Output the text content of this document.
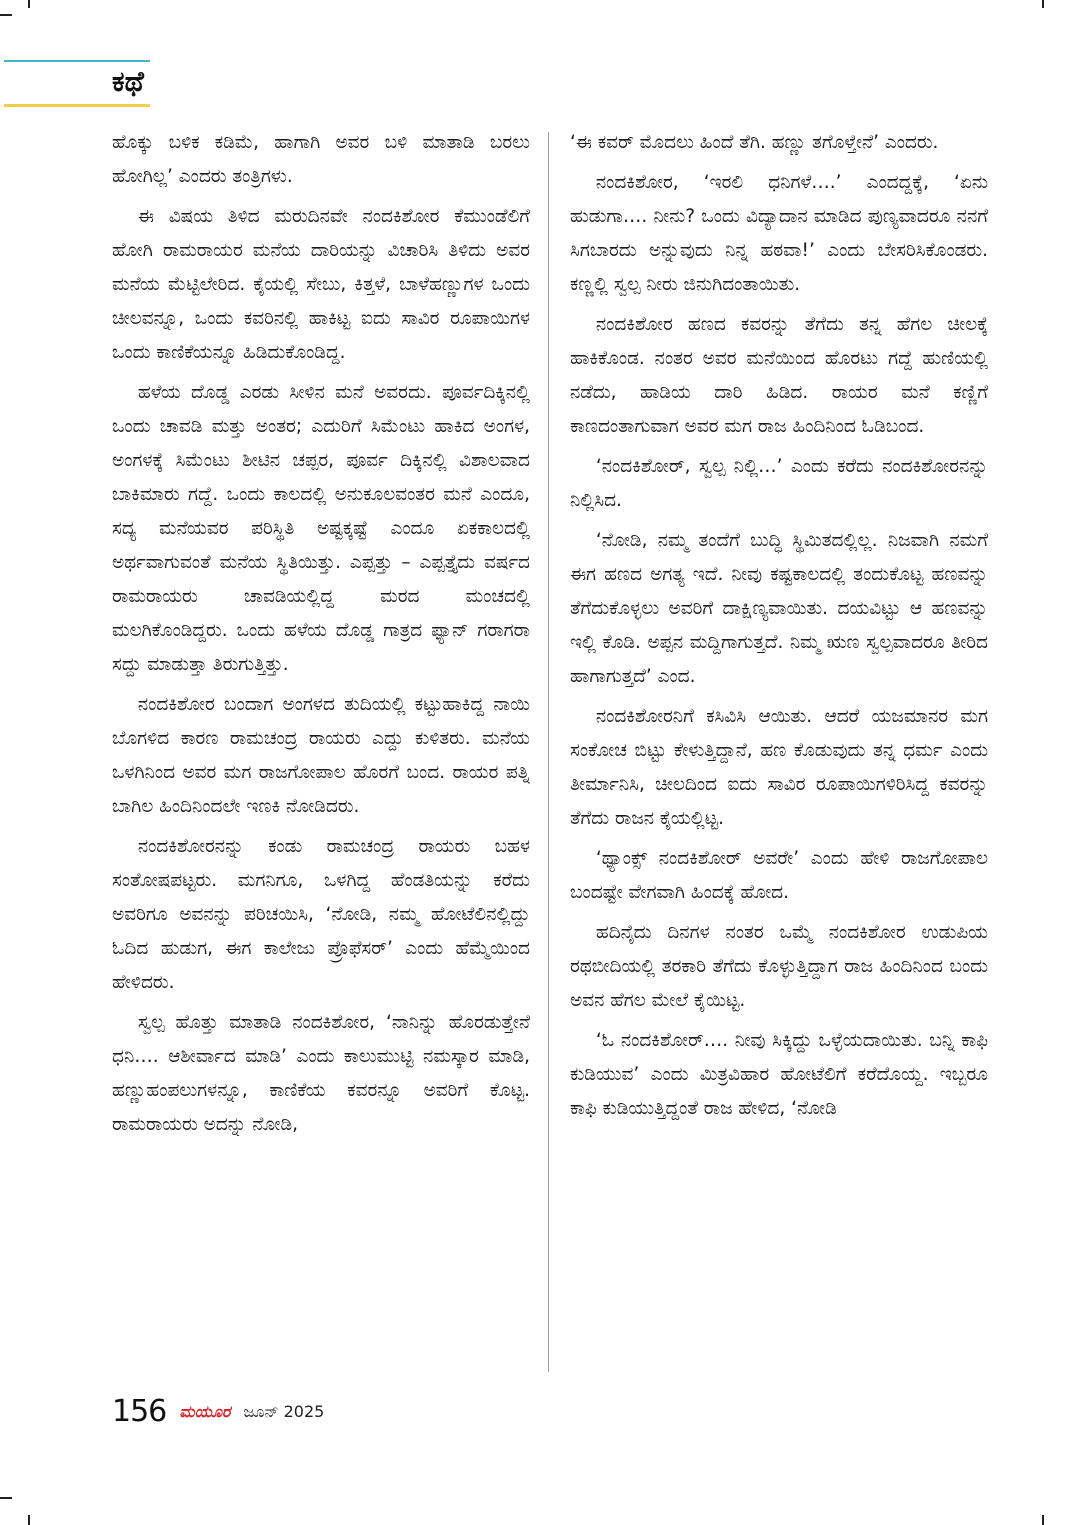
ಕಥೆ

ಹೊಕ್ಕು ಬಳಿಕ ಕಡಿಮೆ, ಹಾಗಾಗಿ ಅವರ ಬಳಿ ಮಾತಾಡಿ ಬರಲು ಹೋಗಿಲ್ಲ’ ಎಂದರು ತಂತ್ರಿಗಳು.

ಈ ವಿಷಯ ತಿಳಿದ ಮರುದಿನವೇ ನಂದಕಿಶೋರ ಕೆಮುಂಡೆಲಿಗೆ ಹೋಗಿ ರಾಮರಾಯರ ಮನೆಯ ದಾರಿಯನ್ನು ವಿಚಾರಿಸಿ ತಿಳಿದು ಅವರ ಮನೆಯ ಮೆಟ್ಟಿಲೇರಿದ. ಕೈಯಲ್ಲಿ ಸೇಬು, ಕಿತ್ತಳೆ, ಬಾಳೆಹಣ್ಣುಗಳ ಒಂದು ಚೀಲವನ್ನೂ, ಒಂದು ಕವರಿನಲ್ಲಿ ಹಾಕಿಟ್ಟ ಐದು ಸಾವಿರ ರೂಪಾಯಿಗಳ ಒಂದು ಕಾಣಿಕೆಯನ್ನೂ ಹಿಡಿದುಕೊಂಡಿದ್ದ.

ಹಳೆಯ ದೊಡ್ಡ ಎರಡು ಸೀಳಿನ ಮನೆ ಅವರದು. ಪೂರ್ವದಿಕ್ಕಿನಲ್ಲಿ ಒಂದು ಚಾವಡಿ ಮತ್ತು ಅಂತರ; ಎದುರಿಗೆ ಸಿಮೆಂಟು ಹಾಕಿದ ಅಂಗಳ, ಅಂಗಳಕ್ಕೆ ಸಿಮೆಂಟು ಶೀಟಿನ ಚಪ್ಪರ, ಪೂರ್ವ ದಿಕ್ಕಿನಲ್ಲಿ ವಿಶಾಲವಾದ ಬಾಕಿಮಾರು ಗದ್ದೆ. ಒಂದು ಕಾಲದಲ್ಲಿ ಅನುಕೂಲವಂತರ ಮನೆ ಎಂದೂ, ಸದ್ಯ ಮನೆಯವರ ಪರಿಸ್ಥಿತಿ ಅಷ್ಟಕ್ಕಷ್ಟೆ ಎಂದೂ ಏಕಕಾಲದಲ್ಲಿ ಅರ್ಥವಾಗುವಂತೆ ಮನೆಯ ಸ್ಥಿತಿಯಿತ್ತು. ಎಪ್ಪತ್ತು – ಎಪ್ಪತ್ತೈದು ವರ್ಷದ ರಾಮರಾಯರು ಚಾವಡಿಯಲ್ಲಿದ್ದ ಮರದ ಮಂಚದಲ್ಲಿ ಮಲಗಿಕೊಂಡಿದ್ದರು. ಒಂದು ಹಳೆಯ ದೊಡ್ಡ ಗಾತ್ರದ ಫ್ಯಾನ್ ಗರಾಗರಾ ಸದ್ದು ಮಾಡುತ್ತಾ ತಿರುಗುತ್ತಿತ್ತು.

ನಂದಕಿಶೋರ ಬಂದಾಗ ಅಂಗಳದ ತುದಿಯಲ್ಲಿ ಕಟ್ಟುಹಾಕಿದ್ದ ನಾಯಿ ಬೊಗಳಿದ ಕಾರಣ ರಾಮಚಂದ್ರ ರಾಯರು ಎದ್ದು ಕುಳಿತರು. ಮನೆಯ ಒಳಗಿನಿಂದ ಅವರ ಮಗ ರಾಜಗೋಪಾಲ ಹೊರಗೆ ಬಂದ. ರಾಯರ ಪತ್ನಿ ಬಾಗಿಲ ಹಿಂದಿನಿಂದಲೇ ಇಣಕಿ ನೋಡಿದರು.

ನಂದಕಿಶೋರನನ್ನು ಕಂಡು ರಾಮಚಂದ್ರ ರಾಯರು ಬಹಳ ಸಂತೋಷಪಟ್ಟರು. ಮಗನಿಗೂ, ಒಳಗಿದ್ದ ಹೆಂಡತಿಯನ್ನು ಕರೆದು ಅವರಿಗೂ ಅವನನ್ನು ಪರಿಚಯಿಸಿ, ‘ನೋಡಿ, ನಮ್ಮ ಹೋಟೆಲಿನಲ್ಲಿದ್ದು ಓದಿದ ಹುಡುಗ, ಈಗ ಕಾಲೇಜು ಪ್ರೊಫೆಸರ್’ ಎಂದು ಹೆಮ್ಮೆಯಿಂದ ಹೇಳಿದರು.

ಸ್ವಲ್ಪ ಹೊತ್ತು ಮಾತಾಡಿ ನಂದಕಿಶೋರ, ‘ನಾನಿನ್ನು ಹೊರಡುತ್ತೇನೆ ಧನಿ…. ಆಶೀರ್ವಾದ ಮಾಡಿ’ ಎಂದು ಕಾಲುಮುಟ್ಟಿ ನಮಸ್ಕಾರ ಮಾಡಿ, ಹಣ್ಣುಹಂಪಲುಗಳನ್ನೂ, ಕಾಣಿಕೆಯ ಕವರನ್ನೂ ಅವರಿಗೆ ಕೊಟ್ಟ. ರಾಮರಾಯರು ಅದನ್ನು ನೋಡಿ,

‘ಈ ಕವರ್ ಮೊದಲು ಹಿಂದೆ ತೆಗಿ. ಹಣ್ಣು ತಗೊಳ್ತೇನೆ’ ಎಂದರು.

ನಂದಕಿಶೋರ, ‘ಇರಲಿ ಧನಿಗಳೆ….’ ಎಂದದ್ದಕ್ಕೆ, ‘ಏನು ಹುಡುಗಾ…. ನೀನು? ಒಂದು ವಿದ್ಯಾದಾನ ಮಾಡಿದ ಪುಣ್ಯವಾದರೂ ನನಗೆ ಸಿಗಬಾರದು ಅನ್ನುವುದು ನಿನ್ನ ಹಠವಾ!’ ಎಂದು ಬೇಸರಿಸಿಕೊಂಡರು. ಕಣ್ಣಲ್ಲಿ ಸ್ವಲ್ಪ ನೀರು ಜಿನುಗಿದಂತಾಯಿತು.

ನಂದಕಿಶೋರ ಹಣದ ಕವರನ್ನು ತೆಗೆದು ತನ್ನ ಹೆಗಲ ಚೀಲಕ್ಕೆ ಹಾಕಿಕೊಂಡ. ನಂತರ ಅವರ ಮನೆಯಿಂದ ಹೊರಟು ಗದ್ದೆ ಹುಣಿಯಲ್ಲಿ ನಡೆದು, ಹಾಡಿಯ ದಾರಿ ಹಿಡಿದ. ರಾಯರ ಮನೆ ಕಣ್ಣಿಗೆ ಕಾಣದಂತಾಗುವಾಗ ಅವರ ಮಗ ರಾಜ ಹಿಂದಿನಿಂದ ಓಡಿಬಂದ.

‘ನಂದಕಿಶೋರ್, ಸ್ವಲ್ಪ ನಿಲ್ಲಿ…’ ಎಂದು ಕರೆದು ನಂದಕಿಶೋರನನ್ನು ನಿಲ್ಲಿಸಿದ.

‘ನೋಡಿ, ನಮ್ಮ ತಂದೆಗೆ ಬುದ್ಧಿ ಸ್ಥಿಮಿತದಲ್ಲಿಲ್ಲ. ನಿಜವಾಗಿ ನಮಗೆ ಈಗ ಹಣದ ಅಗತ್ಯ ಇದೆ. ನೀವು ಕಷ್ಟಕಾಲದಲ್ಲಿ ತಂದುಕೊಟ್ಟ ಹಣವನ್ನು ತೆಗೆದುಕೊಳ್ಳಲು ಅವರಿಗೆ ದಾಕ್ಷಿಣ್ಯವಾಯಿತು. ದಯವಿಟ್ಟು ಆ ಹಣವನ್ನು ಇಲ್ಲಿ ಕೊಡಿ. ಅಪ್ಪನ ಮದ್ದಿಗಾಗುತ್ತದೆ. ನಿಮ್ಮ ಋಣ ಸ್ವಲ್ಪವಾದರೂ ತೀರಿದ ಹಾಗಾಗುತ್ತದೆ’ ಎಂದ.

ನಂದಕಿಶೋರನಿಗೆ ಕಸಿವಿಸಿ ಆಯಿತು. ಆದರೆ ಯಜಮಾನರ ಮಗ ಸಂಕೋಚ ಬಿಟ್ಟು ಕೇಳುತ್ತಿದ್ದಾನೆ, ಹಣ ಕೊಡುವುದು ತನ್ನ ಧರ್ಮ ಎಂದು ತೀರ್ಮಾನಿಸಿ, ಚೀಲದಿಂದ ಐದು ಸಾವಿರ ರೂಪಾಯಿಗಳಿರಿಸಿದ್ದ ಕವರನ್ನು ತೆಗೆದು ರಾಜನ ಕೈಯಲ್ಲಿಟ್ಟ.

‘ಥ್ಯಾಂಕ್ಸ್ ನಂದಕಿಶೋರ್ ಅವರೇ’ ಎಂದು ಹೇಳಿ ರಾಜಗೋಪಾಲ ಬಂದಷ್ಟೇ ವೇಗವಾಗಿ ಹಿಂದಕ್ಕೆ ಹೋದ.

ಹದಿನೈದು ದಿನಗಳ ನಂತರ ಒಮ್ಮೆ ನಂದಕಿಶೋರ ಉಡುಪಿಯ ರಥಬೀದಿಯಲ್ಲಿ ತರಕಾರಿ ತೆಗೆದು ಕೊಳ್ಳುತ್ತಿದ್ದಾಗ ರಾಜ ಹಿಂದಿನಿಂದ ಬಂದು ಅವನ ಹೆಗಲ ಮೇಲೆ ಕೈಯಿಟ್ಟ.

‘ಓ ನಂದಕಿಶೋರ್…. ನೀವು ಸಿಕ್ಕಿದ್ದು ಒಳ್ಳೆಯದಾಯಿತು. ಬನ್ನಿ ಕಾಫಿ ಕುಡಿಯುವ’ ಎಂದು ಮಿತ್ರವಿಹಾರ ಹೋಟೆಲಿಗೆ ಕರೆದೊಯ್ದ. ಇಬ್ಬರೂ ಕಾಫಿ ಕುಡಿಯುತ್ತಿದ್ದಂತೆ ರಾಜ ಹೇಳಿದ, ‘ನೋಡಿ

156 ಮಯೂರ ಜೂನ್ 2025
